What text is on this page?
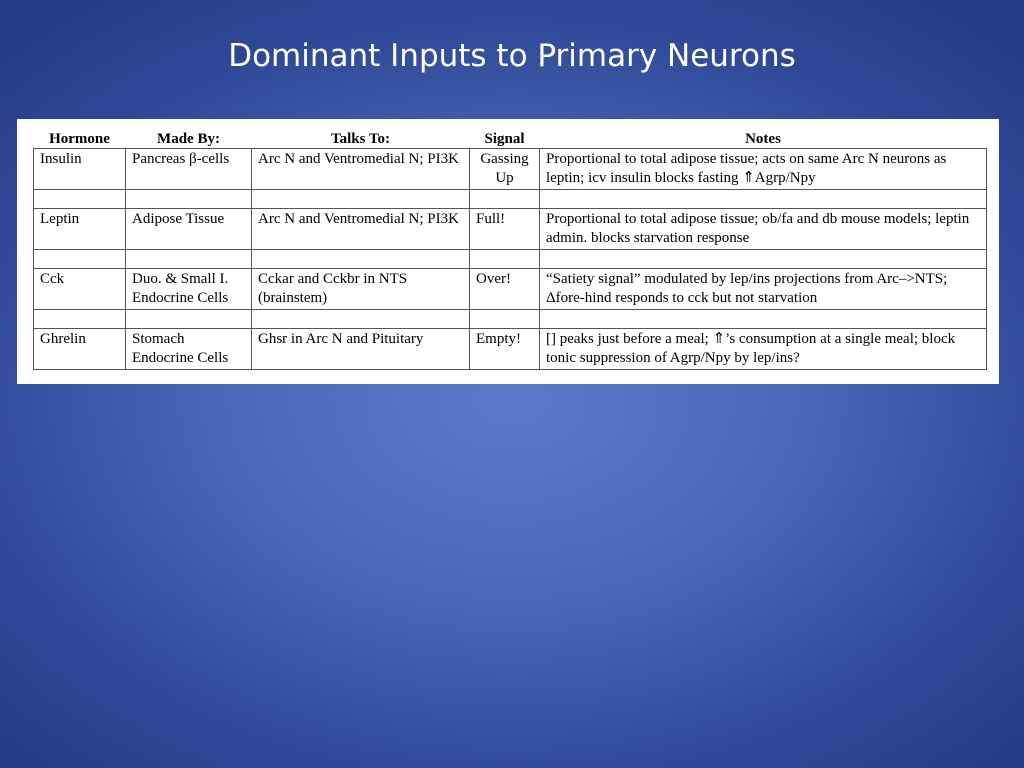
Dominant Inputs to Primary Neurons
Hormone	Made By:	Talks To:	Signal	Notes
Insulin	Pancreas β-cells	Arc N and Ventromedial N; PI3K	Gassing Up	Proportional to total adipose tissue; acts on same Arc N neurons as leptin; icv insulin blocks fasting ⇑Agrp/Npy

Leptin	Adipose Tissue	Arc N and Ventromedial N; PI3K	Full!	Proportional to total adipose tissue; ob/fa and db mouse models; leptin admin. blocks starvation response

Cck	Duo. & Small I. Endocrine Cells	Cckar and Cckbr in NTS (brainstem)	Over!	“Satiety signal” modulated by lep/ins projections from Arc–>NTS; Δfore-hind responds to cck but not starvation

Ghrelin	Stomach Endocrine Cells	Ghsr in Arc N and Pituitary	Empty!	[] peaks just before a meal; ⇑’s consumption at a single meal; block tonic suppression of Agrp/Npy by lep/ins?
